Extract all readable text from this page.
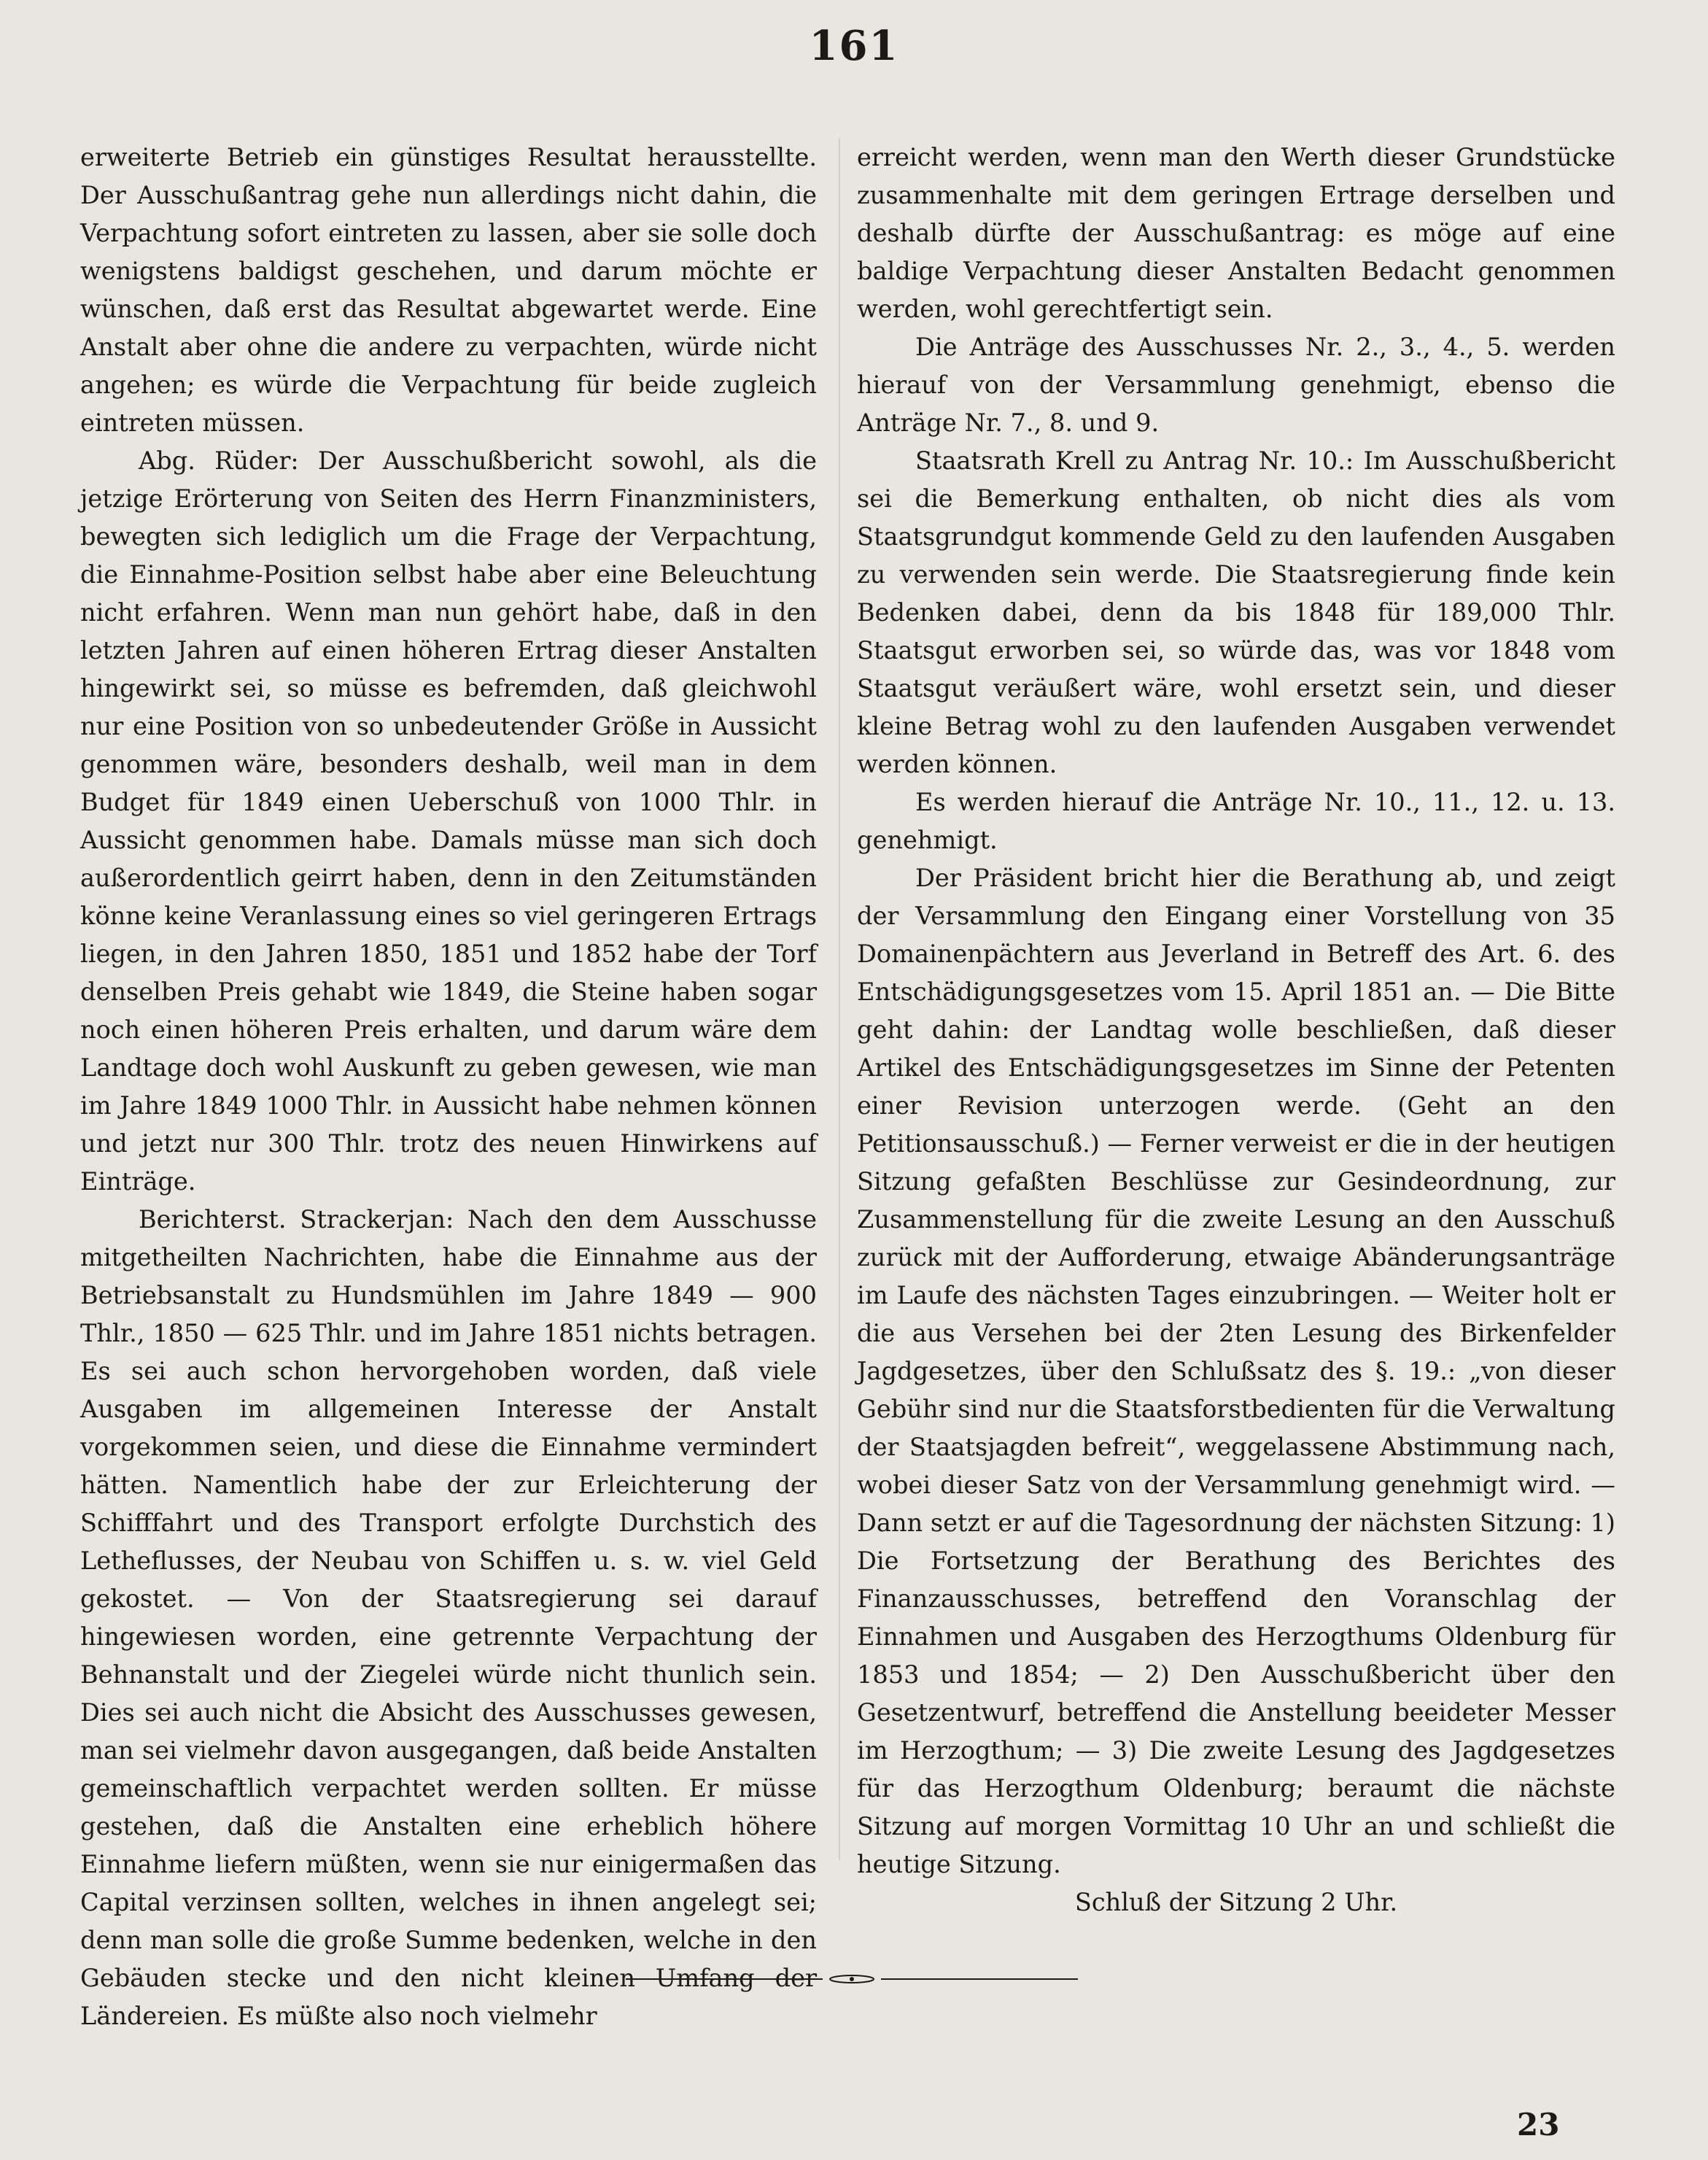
161

erweiterte Betrieb ein günstiges Resultat herausstellte. Der Ausschußantrag gehe nun allerdings nicht dahin, die Verpachtung sofort eintreten zu lassen, aber sie solle doch wenigstens baldigst geschehen, und darum möchte er wünschen, daß erst das Resultat abgewartet werde. Eine Anstalt aber ohne die andere zu verpachten, würde nicht angehen; es würde die Verpachtung für beide zugleich eintreten müssen.

Abg. Rüder: Der Ausschußbericht sowohl, als die jetzige Erörterung von Seiten des Herrn Finanzministers, bewegten sich lediglich um die Frage der Verpachtung, die Einnahme-Position selbst habe aber eine Beleuchtung nicht erfahren. Wenn man nun gehört habe, daß in den letzten Jahren auf einen höheren Ertrag dieser Anstalten hingewirkt sei, so müsse es befremden, daß gleichwohl nur eine Position von so unbedeutender Größe in Aussicht genommen wäre, besonders deshalb, weil man in dem Budget für 1849 einen Ueberschuß von 1000 Thlr. in Aussicht genommen habe. Damals müsse man sich doch außerordentlich geirrt haben, denn in den Zeitumständen könne keine Veranlassung eines so viel geringeren Ertrags liegen, in den Jahren 1850, 1851 und 1852 habe der Torf denselben Preis gehabt wie 1849, die Steine haben sogar noch einen höheren Preis erhalten, und darum wäre dem Landtage doch wohl Auskunft zu geben gewesen, wie man im Jahre 1849 1000 Thlr. in Aussicht habe nehmen können und jetzt nur 300 Thlr. trotz des neuen Hinwirkens auf Einträge.

Berichterst. Strackerjan: Nach den dem Ausschusse mitgetheilten Nachrichten, habe die Einnahme aus der Betriebsanstalt zu Hundsmühlen im Jahre 1849 — 900 Thlr., 1850 — 625 Thlr. und im Jahre 1851 nichts betragen. Es sei auch schon hervorgehoben worden, daß viele Ausgaben im allgemeinen Interesse der Anstalt vorgekommen seien, und diese die Einnahme vermindert hätten. Namentlich habe der zur Erleichterung der Schifffahrt und des Transport erfolgte Durchstich des Letheflusses, der Neubau von Schiffen u. s. w. viel Geld gekostet. — Von der Staatsregierung sei darauf hingewiesen worden, eine getrennte Verpachtung der Behnanstalt und der Ziegelei würde nicht thunlich sein. Dies sei auch nicht die Absicht des Ausschusses gewesen, man sei vielmehr davon ausgegangen, daß beide Anstalten gemeinschaftlich verpachtet werden sollten. Er müsse gestehen, daß die Anstalten eine erheblich höhere Einnahme liefern müßten, wenn sie nur einigermaßen das Capital verzinsen sollten, welches in ihnen angelegt sei; denn man solle die große Summe bedenken, welche in den Gebäuden stecke und den nicht kleinen Umfang der Ländereien. Es müßte also noch vielmehr

erreicht werden, wenn man den Werth dieser Grundstücke zusammenhalte mit dem geringen Ertrage derselben und deshalb dürfte der Ausschußantrag: es möge auf eine baldige Verpachtung dieser Anstalten Bedacht genommen werden, wohl gerechtfertigt sein.

Die Anträge des Ausschusses Nr. 2., 3., 4., 5. werden hierauf von der Versammlung genehmigt, ebenso die Anträge Nr. 7., 8. und 9.

Staatsrath Krell zu Antrag Nr. 10.: Im Ausschußbericht sei die Bemerkung enthalten, ob nicht dies als vom Staatsgrundgut kommende Geld zu den laufenden Ausgaben zu verwenden sein werde. Die Staatsregierung finde kein Bedenken dabei, denn da bis 1848 für 189,000 Thlr. Staatsgut erworben sei, so würde das, was vor 1848 vom Staatsgut veräußert wäre, wohl ersetzt sein, und dieser kleine Betrag wohl zu den laufenden Ausgaben verwendet werden können.

Es werden hierauf die Anträge Nr. 10., 11., 12. u. 13. genehmigt.

Der Präsident bricht hier die Berathung ab, und zeigt der Versammlung den Eingang einer Vorstellung von 35 Domainenpächtern aus Jeverland in Betreff des Art. 6. des Entschädigungsgesetzes vom 15. April 1851 an. — Die Bitte geht dahin: der Landtag wolle beschließen, daß dieser Artikel des Entschädigungsgesetzes im Sinne der Petenten einer Revision unterzogen werde. (Geht an den Petitionsausschuß.) — Ferner verweist er die in der heutigen Sitzung gefaßten Beschlüsse zur Gesindeordnung, zur Zusammenstellung für die zweite Lesung an den Ausschuß zurück mit der Aufforderung, etwaige Abänderungsanträge im Laufe des nächsten Tages einzubringen. — Weiter holt er die aus Versehen bei der 2ten Lesung des Birkenfelder Jagdgesetzes, über den Schlußsatz des §. 19.: „von dieser Gebühr sind nur die Staatsforstbedienten für die Verwaltung der Staatsjagden befreit“, weggelassene Abstimmung nach, wobei dieser Satz von der Versammlung genehmigt wird. — Dann setzt er auf die Tagesordnung der nächsten Sitzung: 1) Die Fortsetzung der Berathung des Berichtes des Finanzausschusses, betreffend den Voranschlag der Einnahmen und Ausgaben des Herzogthums Oldenburg für 1853 und 1854; — 2) Den Ausschußbericht über den Gesetzentwurf, betreffend die Anstellung beeideter Messer im Herzogthum; — 3) Die zweite Lesung des Jagdgesetzes für das Herzogthum Oldenburg; beraumt die nächste Sitzung auf morgen Vormittag 10 Uhr an und schließt die heutige Sitzung.

Schluß der Sitzung 2 Uhr.

23
